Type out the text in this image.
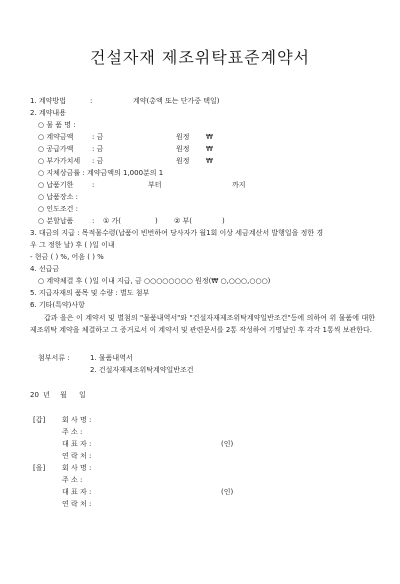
건설자재 제조위탁표준계약서
1. 계약방법	:	계약(총액 또는 단가중 택일)
2. 계약내용
○ 물 품 명 :
○ 계약금액	: 금	원정 ₩
○ 공급가액	: 금	원정 ₩
○ 부가가치세 : 금	원정 ₩
○ 지체상금률 : 계약금액의 1,000분의 1
○ 납품기한	:	부터	까지
○ 납품장소 :
○ 인도조건 :
○ 분할납품	: ① 가(	) ② 부(	)
3. 대금의 지급 : 목적물수령(납품이 빈번하여 당사자가 월1회 이상 세금계산서 발행일을 정한 경
우 그 정한 날) 후 ( )일 이내
- 현금 ( ) %, 어음 ( ) %
4. 선급금
○ 계약체결 후 ( )일 이내 지급, 금 ○○○○○○○○ 원정(₩ ○,○○○,○○○)
5. 지급자재의 품목 및 수량 : 별도 첨부
6. 기타(특약)사항
갑과 을은 이 계약서 및 별첨의 "물품내역서"와 "건설자재제조위탁계약일반조건"등에 의하여 위 물품에 대한 제조위탁 계약을 체결하고 그 증거로서 이 계약서 및 관련문서를 2통 작성하여 기명날인 후 각각 1통씩 보관한다.
첨부서류 :	1. 물품내역서
2. 건설자재제조위탁계약일반조건
20 년 월 일
[갑] 회 사 명 :
주 소 :
대 표 자 :	(인)
연 락 처 :
[을] 회 사 명 :
주 소 :
대 표 자 :	(인)
연 락 처 :
